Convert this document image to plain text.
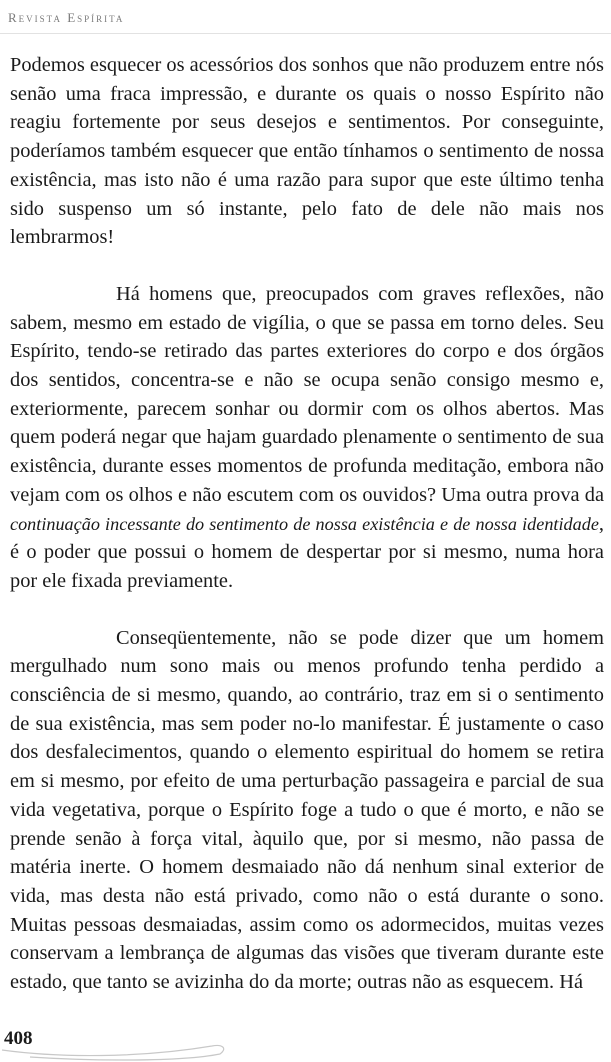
Revista Espírita

Podemos esquecer os acessórios dos sonhos que não produzem entre nós senão uma fraca impressão, e durante os quais o nosso Espírito não reagiu fortemente por seus desejos e sentimentos. Por conseguinte, poderíamos também esquecer que então tínhamos o sentimento de nossa existência, mas isto não é uma razão para supor que este último tenha sido suspenso um só instante, pelo fato de dele não mais nos lembrarmos!

Há homens que, preocupados com graves reflexões, não sabem, mesmo em estado de vigília, o que se passa em torno deles. Seu Espírito, tendo-se retirado das partes exteriores do corpo e dos órgãos dos sentidos, concentra-se e não se ocupa senão consigo mesmo e, exteriormente, parecem sonhar ou dormir com os olhos abertos. Mas quem poderá negar que hajam guardado plenamente o sentimento de sua existência, durante esses momentos de profunda meditação, embora não vejam com os olhos e não escutem com os ouvidos? Uma outra prova da continuação incessante do sentimento de nossa existência e de nossa identidade, é o poder que possui o homem de despertar por si mesmo, numa hora por ele fixada previamente.

Conseqüentemente, não se pode dizer que um homem mergulhado num sono mais ou menos profundo tenha perdido a consciência de si mesmo, quando, ao contrário, traz em si o sentimento de sua existência, mas sem poder no-lo manifestar. É justamente o caso dos desfalecimentos, quando o elemento espiritual do homem se retira em si mesmo, por efeito de uma perturbação passageira e parcial de sua vida vegetativa, porque o Espírito foge a tudo o que é morto, e não se prende senão à força vital, àquilo que, por si mesmo, não passa de matéria inerte. O homem desmaiado não dá nenhum sinal exterior de vida, mas desta não está privado, como não o está durante o sono. Muitas pessoas desmaiadas, assim como os adormecidos, muitas vezes conservam a lembrança de algumas das visões que tiveram durante este estado, que tanto se avizinha do da morte; outras não as esquecem. Há

408
